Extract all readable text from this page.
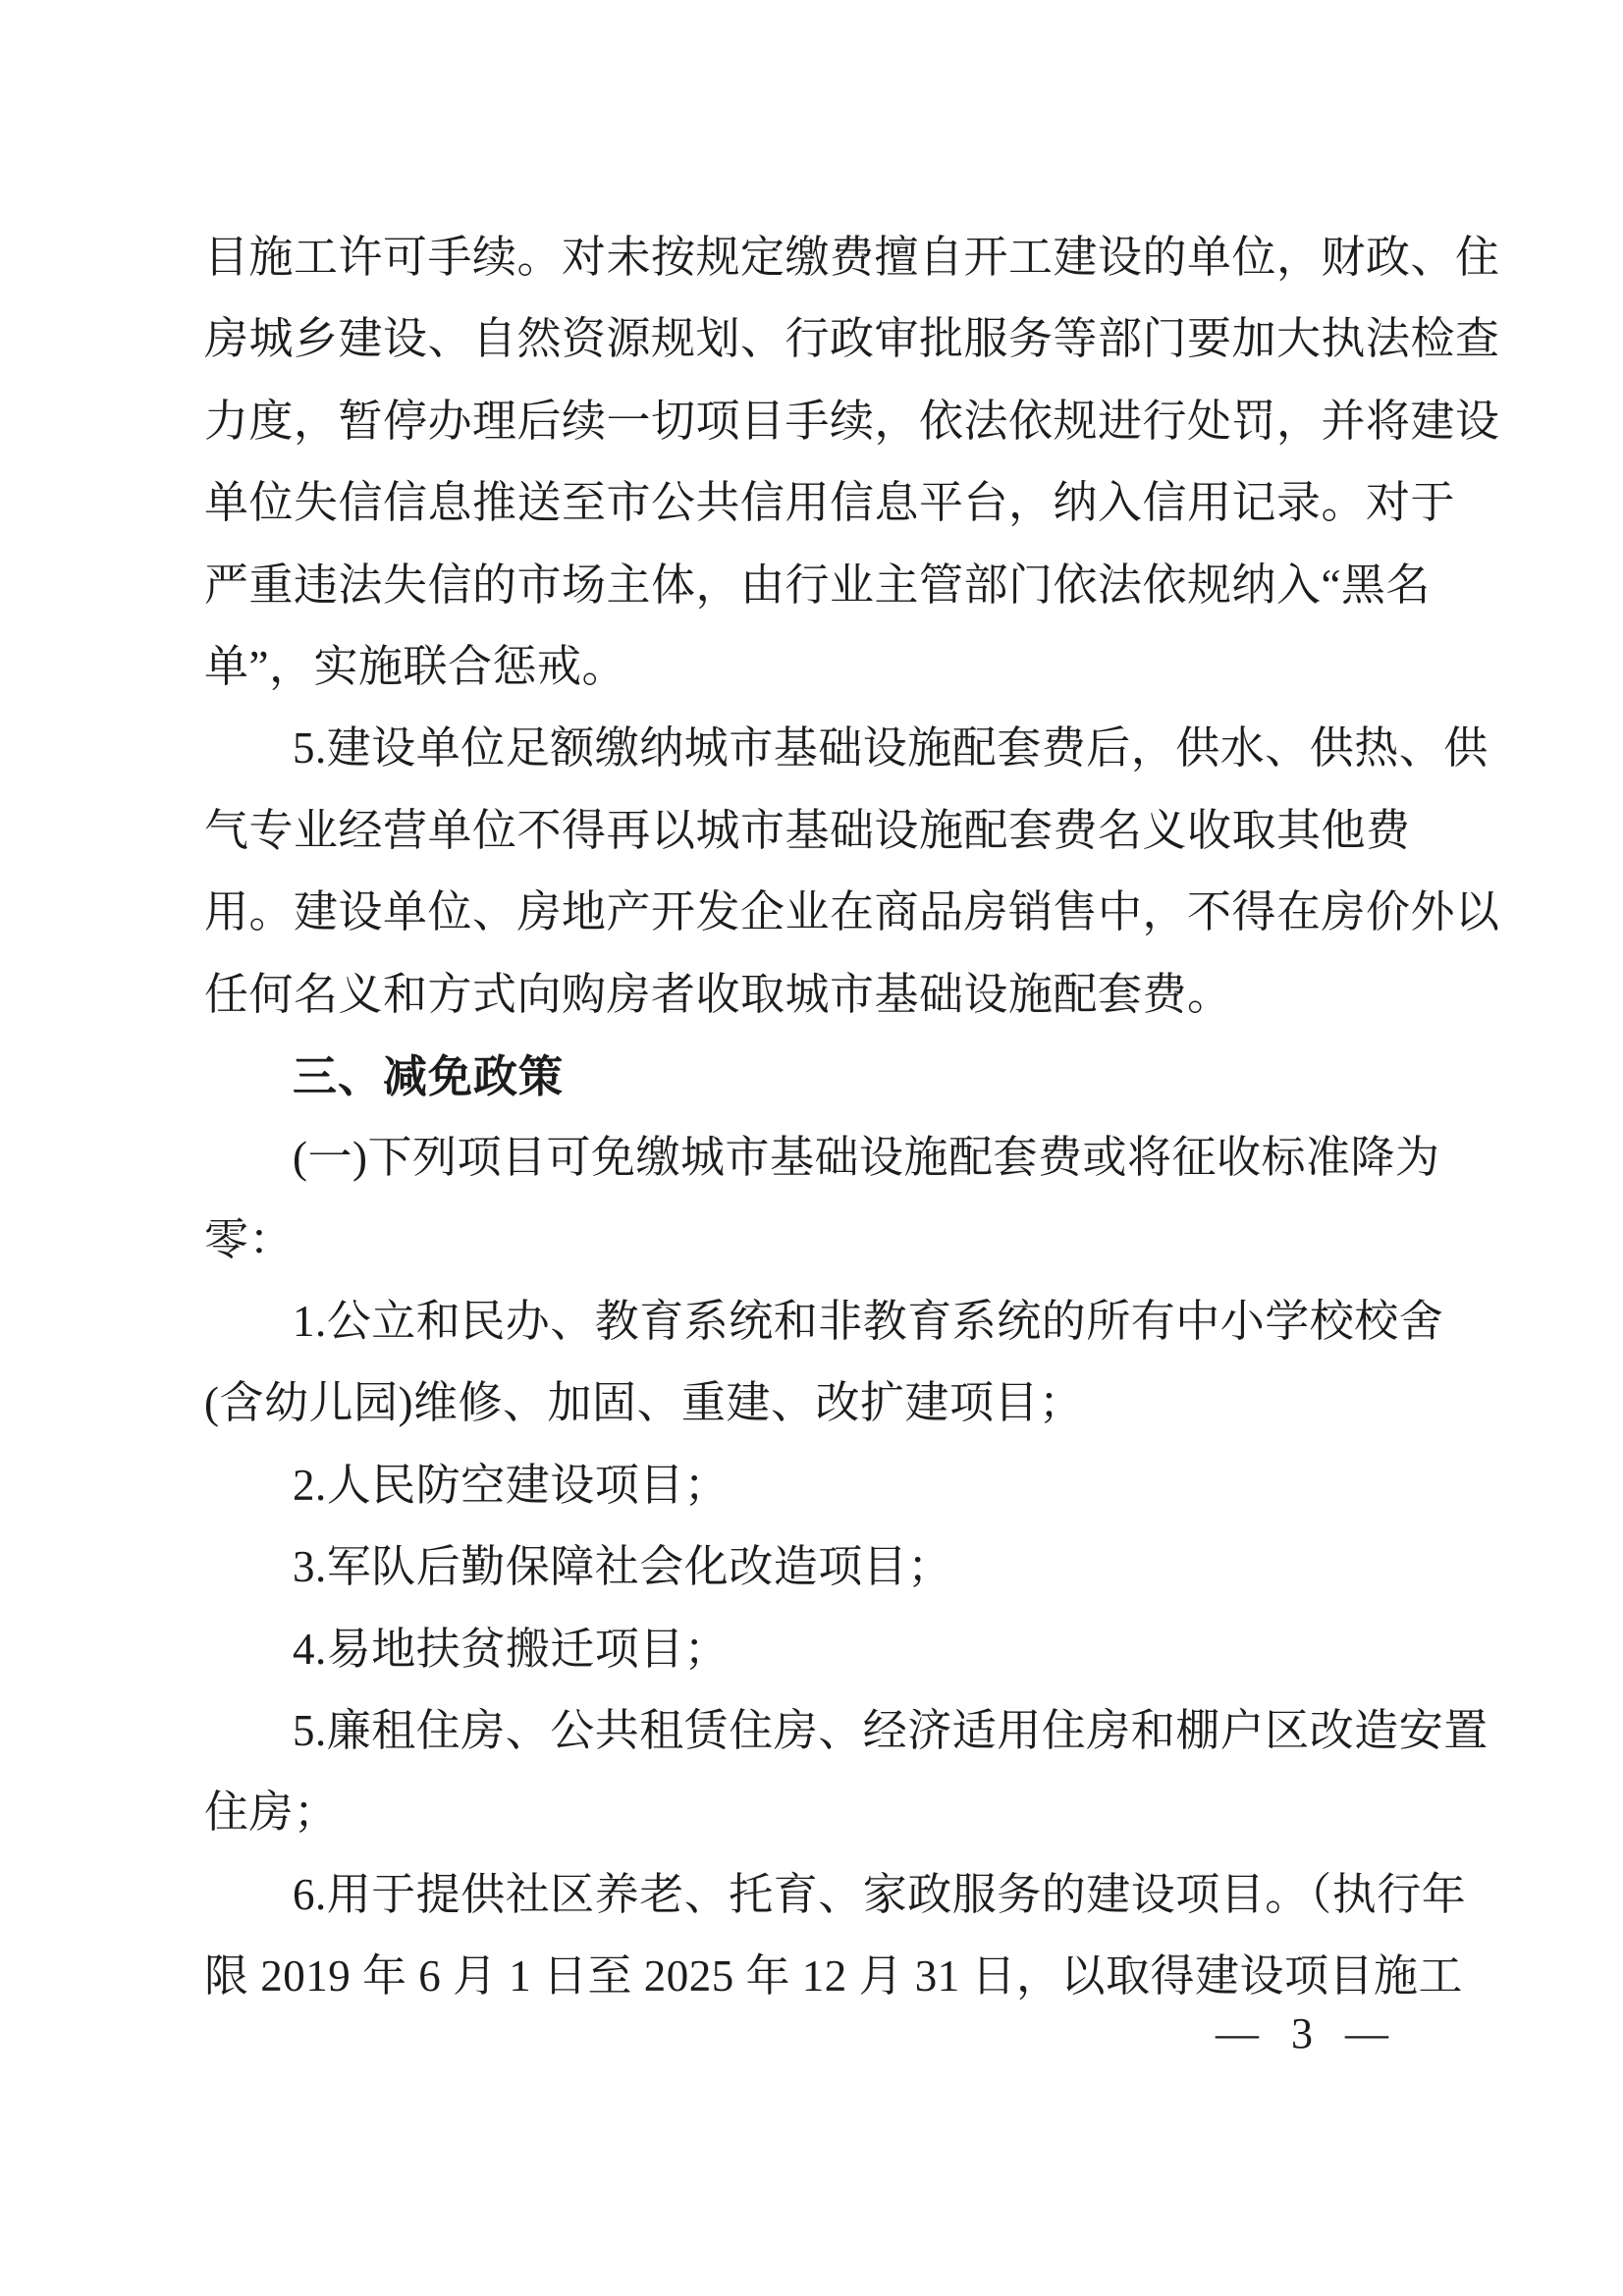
目施工许可手续。对未按规定缴费擅自开工建设的单位，财政、住
房城乡建设、自然资源规划、行政审批服务等部门要加大执法检查
力度，暂停办理后续一切项目手续，依法依规进行处罚，并将建设
单位失信信息推送至市公共信用信息平台，纳入信用记录。对于
严重违法失信的市场主体，由行业主管部门依法依规纳入“黑名
单”，实施联合惩戒。
5.建设单位足额缴纳城市基础设施配套费后，供水、供热、供
气专业经营单位不得再以城市基础设施配套费名义收取其他费
用。建设单位、房地产开发企业在商品房销售中，不得在房价外以
任何名义和方式向购房者收取城市基础设施配套费。
三、减免政策
(一)下列项目可免缴城市基础设施配套费或将征收标准降为
零：
1.公立和民办、教育系统和非教育系统的所有中小学校校舍
(含幼儿园)维修、加固、重建、改扩建项目；
2.人民防空建设项目；
3.军队后勤保障社会化改造项目；
4.易地扶贫搬迁项目；
5.廉租住房、公共租赁住房、经济适用住房和棚户区改造安置
住房；
6.用于提供社区养老、托育、家政服务的建设项目。（执行年
限 2019 年 6 月 1 日至 2025 年 12 月 31 日，以取得建设项目施工
— 3 —
